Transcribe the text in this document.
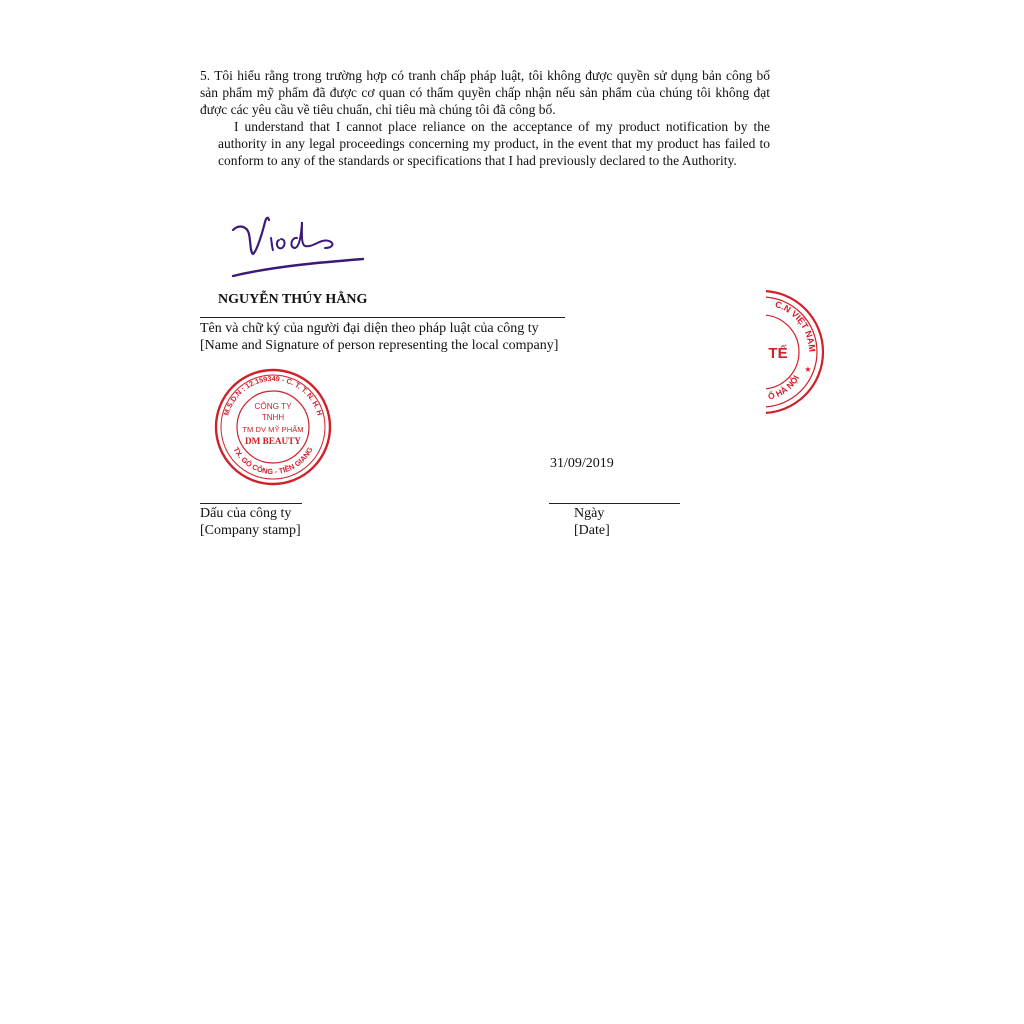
5. Tôi hiểu rằng trong trường hợp có tranh chấp pháp luật, tôi không được quyền sử dụng bản công bố sản phẩm mỹ phẩm đã được cơ quan có thẩm quyền chấp nhận nếu sản phẩm của chúng tôi không đạt được các yêu cầu về tiêu chuẩn, chỉ tiêu mà chúng tôi đã công bố.
I understand that I cannot place reliance on the acceptance of my product notification by the authority in any legal proceedings concerning my product, in the event that my product has failed to conform to any of the standards or specifications that I had previously declared to the Authority.
NGUYỄN THÚY HẰNG
Tên và chữ ký của người đại diện theo pháp luật của công ty
[Name and Signature of person representing the local company]
C.N VIỆT NAM
Ố HÀ NỘI
TẾ
★
M.S.D.N : 12.159349 - C. T. T. N. H. H
TX. GÒ CÔNG - TIỀN GIANG
CÔNG TY
TNHH
TM DV MỸ PHẨM
DM BEAUTY
31/09/2019
Dấu của công ty
[Company stamp]
Ngày
[Date]
